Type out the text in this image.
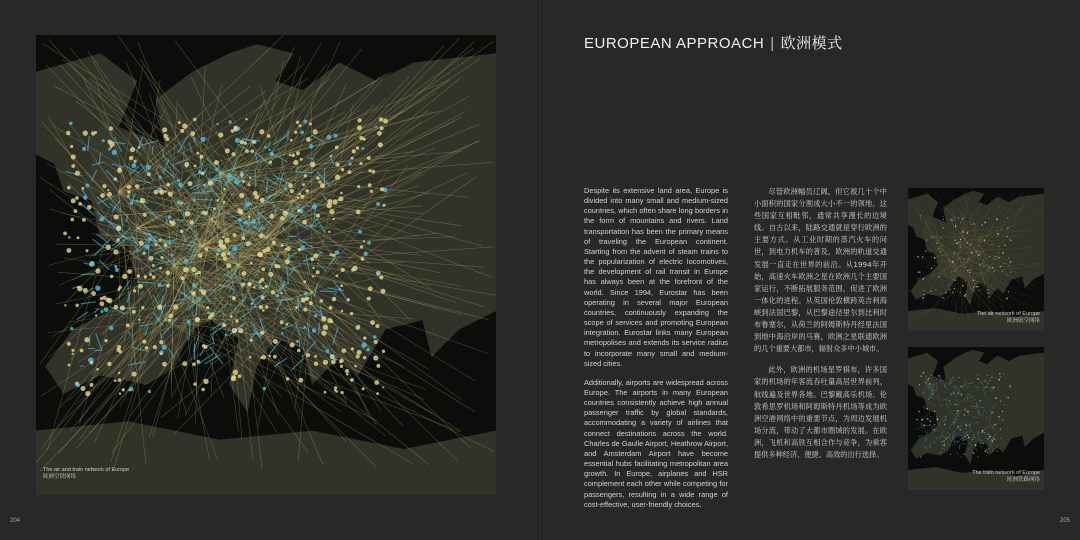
The air and train network of Europe
欧洲空铁网络
EUROPEAN APPROACH | 欧洲模式

Despite its extensive land area, Europe is divided into many small and medium-sized countries, which often share long borders in the form of mountains and rivers. Land transportation has been the primary means of traveling the European continent. Starting from the advent of steam trains to the popularization of electric locomotives, the development of rail transit in Europe has always been at the forefront of the world. Since 1994, Eurostar has been operating in several major European countries, continuously expanding the scope of services and promoting European integration. Eurostar links many European metropolises and extends its service radius to incorporate many small and medium-sized cities.

Additionally, airports are widespread across Europe. The airports in many European countries consistently achieve high annual passenger traffic by global standards, accommodating a variety of airlines that connect destinations across the world. Charles de Gaulle Airport, Heathrow Airport, and Amsterdam Airport have become essential hubs facilitating metropolitan area growth. In Europe, airplanes and HSR complement each other while competing for passengers, resulting in a wide range of cost-effective, user-friendly choices.

尽管欧洲幅员辽阔，但它被几十个中小面积的国家分割成大小不一的领地。这些国家互相毗邻，通常共享漫长的边境线。自古以来，陆路交通就是穿行欧洲的主要方式。从工业时期的蒸汽火车的问世，到电力机车的普及，欧洲的轨道交通发展一直走在世界的前沿。从1994年开始，高速火车欧洲之星在欧洲几个主要国家运行，不断拓展服务范围，促进了欧洲一体化的进程。从英国伦敦横跨英吉利海峡到法国巴黎，从巴黎途径里尔到比利时布鲁塞尔，从荷兰的阿姆斯特丹经里法国到地中海沿岸的马赛，欧洲之星联通欧洲的几个重要大都市，辐射众多中小城市。

此外，欧洲的机场星罗棋布，许多国家的机场的年客流吞吐量高居世界前列，航线遍及世界各地。巴黎戴高乐机场、伦敦希思罗机场和阿姆斯特丹机场等成为欧洲空港网络中的重要节点，为周边发展机场分流，带动了大都市圈域的发展。在欧洲，飞机和高铁互相合作与竞争，为乘客提供多种经济、便捷、高效的出行选择。

The air network of Europe
欧洲航空网络
The train network of Europe
欧洲铁路网络
204	205
